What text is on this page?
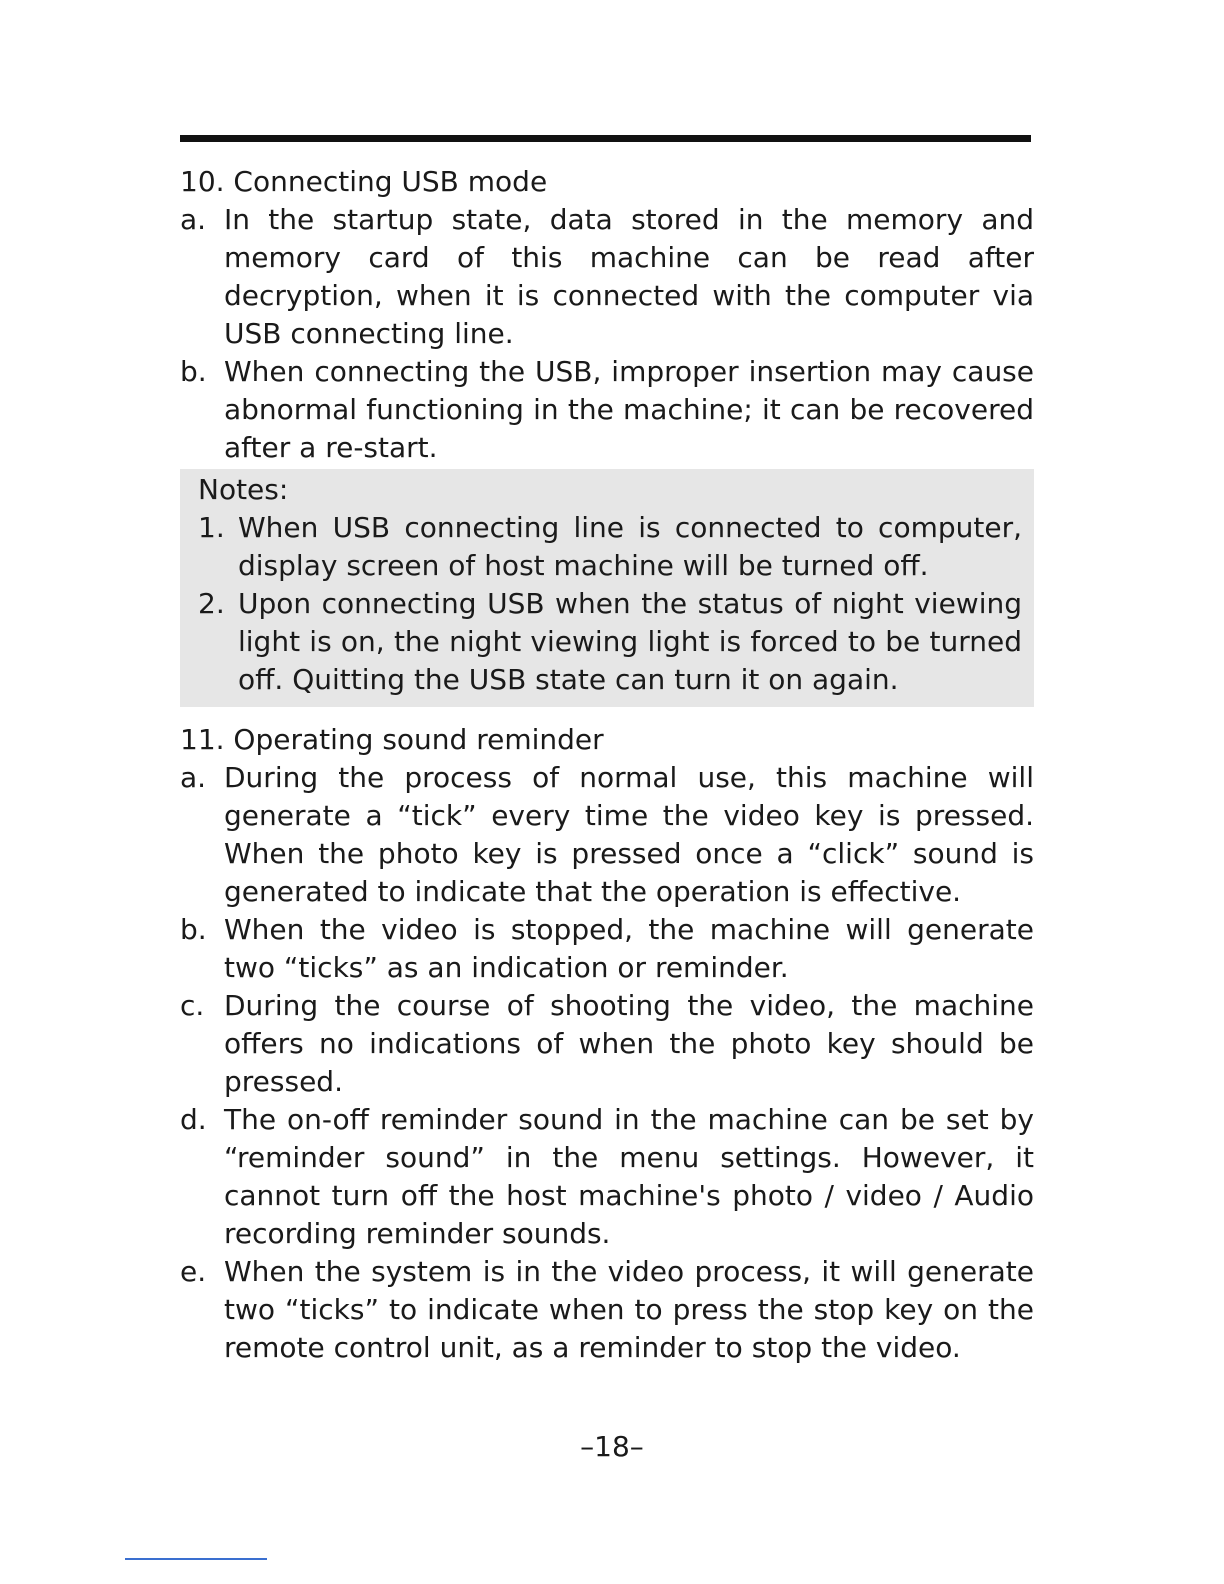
10. Connecting USB mode
a. In the startup state, data stored in the memory and memory card of this machine can be read after decryption, when it is connected with the computer via USB connecting line.
b. When connecting the USB, improper insertion may cause abnormal functioning in the machine; it can be recovered after a re-start.
Notes:
1. When USB connecting line is connected to computer, display screen of host machine will be turned off.
2. Upon connecting USB when the status of night viewing light is on, the night viewing light is forced to be turned off. Quitting the USB state can turn it on again.
11. Operating sound reminder
a. During the process of normal use, this machine will generate a “tick” every time the video key is pressed. When the photo key is pressed once a “click” sound is generated to indicate that the operation is effective.
b. When the video is stopped, the machine will generate two “ticks” as an indication or reminder.
c. During the course of shooting the video, the machine offers no indications of when the photo key should be pressed.
d. The on-off reminder sound in the machine can be set by “reminder sound” in the menu settings. However, it cannot turn off the host machine's photo / video / Audio recording reminder sounds.
e. When the system is in the video process, it will generate two “ticks” to indicate when to press the stop key on the remote control unit, as a reminder to stop the video.
–18–
